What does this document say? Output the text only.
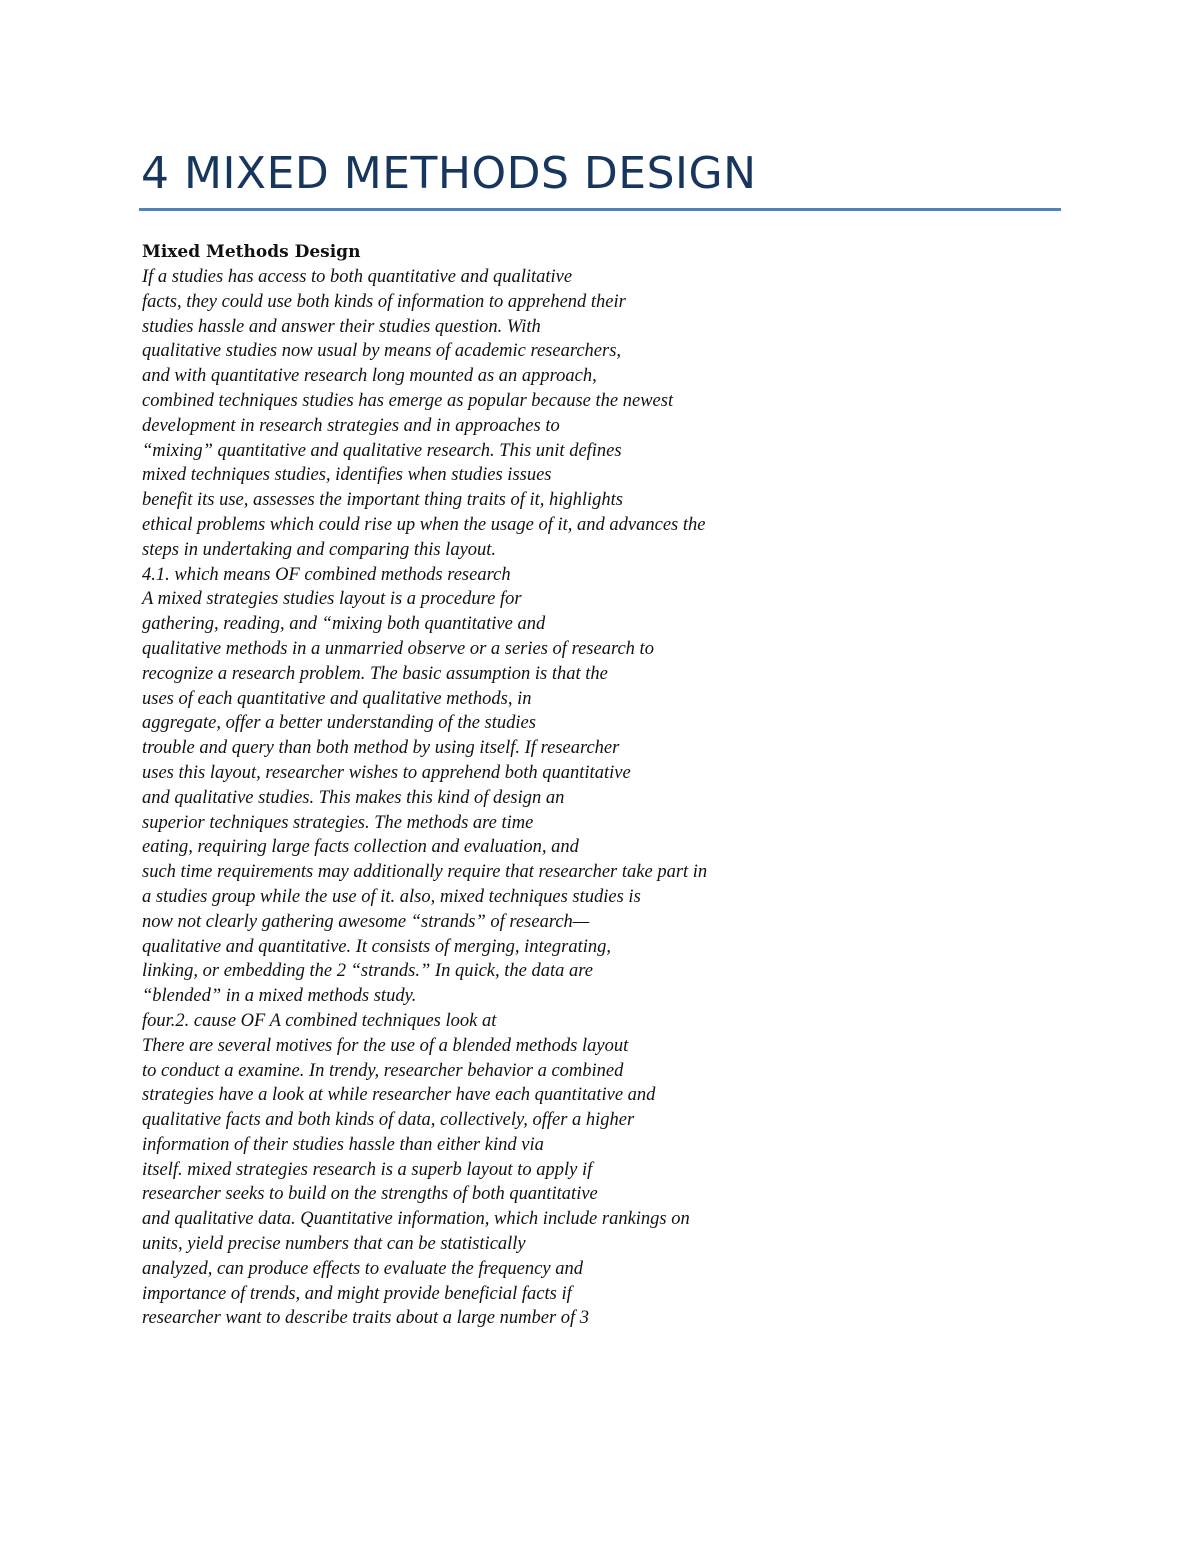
4 MIXED METHODS DESIGN

Mixed Methods Design

If a studies has access to both quantitative and qualitative

facts, they could use both kinds of information to apprehend their

studies hassle and answer their studies question. With

qualitative studies now usual by means of academic researchers,

and with quantitative research long mounted as an approach,

combined techniques studies has emerge as popular because the newest

development in research strategies and in approaches to

“mixing” quantitative and qualitative research. This unit defines

mixed techniques studies, identifies when studies issues

benefit its use, assesses the important thing traits of it, highlights

ethical problems which could rise up when the usage of it, and advances the

steps in undertaking and comparing this layout.

4.1. which means OF combined methods research

A mixed strategies studies layout is a procedure for

gathering, reading, and “mixing both quantitative and

qualitative methods in a unmarried observe or a series of research to

recognize a research problem. The basic assumption is that the

uses of each quantitative and qualitative methods, in

aggregate, offer a better understanding of the studies

trouble and query than both method by using itself. If researcher

uses this layout, researcher wishes to apprehend both quantitative

and qualitative studies. This makes this kind of design an

superior techniques strategies. The methods are time

eating, requiring large facts collection and evaluation, and

such time requirements may additionally require that researcher take part in

a studies group while the use of it. also, mixed techniques studies is

now not clearly gathering awesome “strands” of research—

qualitative and quantitative. It consists of merging, integrating,

linking, or embedding the 2 “strands.” In quick, the data are

“blended” in a mixed methods study.

four.2. cause OF A combined techniques look at

There are several motives for the use of a blended methods layout

to conduct a examine. In trendy, researcher behavior a combined

strategies have a look at while researcher have each quantitative and

qualitative facts and both kinds of data, collectively, offer a higher

information of their studies hassle than either kind via

itself. mixed strategies research is a superb layout to apply if

researcher seeks to build on the strengths of both quantitative

and qualitative data. Quantitative information, which include rankings on

units, yield precise numbers that can be statistically

analyzed, can produce effects to evaluate the frequency and

importance of trends, and might provide beneficial facts if

researcher want to describe traits about a large number of 3
